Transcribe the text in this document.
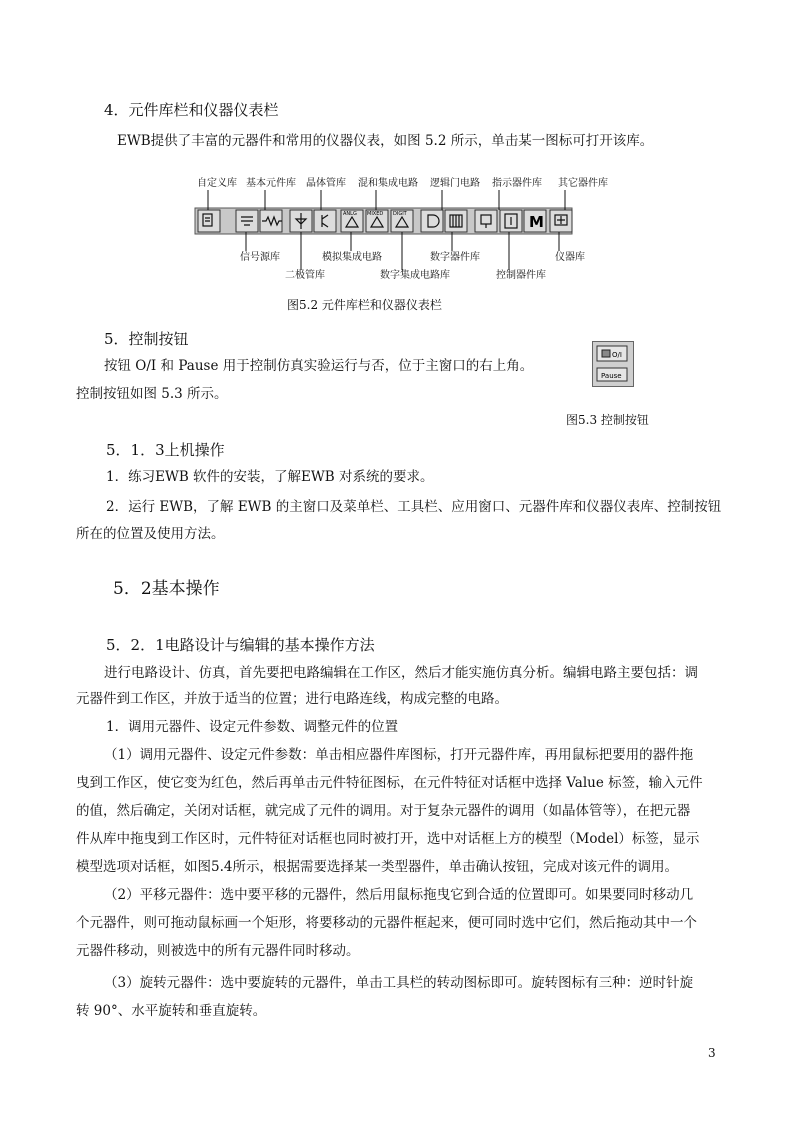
4．元件库栏和仪器仪表栏
EWB提供了丰富的元器件和常用的仪器仪表，如图 5.2 所示，单击某一图标可打开该库。
自定义库 基本元件库 晶体管库 混和集成电路 逻辑门电路 指示器件库 其它器件库
ANLG MIXED DIGIT	M
信号源库
二极管库
模拟集成电路
数字集成电路库
数字器件库
控制器件库
仪器库
图5.2 元件库栏和仪器仪表栏
5．控制按钮
按钮 O/I 和 Pause 用于控制仿真实验运行与否，位于主窗口的右上角。
控制按钮如图 5.3 所示。
O/I
Pause
图5.3 控制按钮
5．1．3上机操作
1．练习EWB 软件的安装，了解EWB 对系统的要求。
2．运行 EWB，了解 EWB 的主窗口及菜单栏、工具栏、应用窗口、元器件库和仪器仪表库、控制按钮
所在的位置及使用方法。
5．2基本操作
5．2．1电路设计与编辑的基本操作方法
进行电路设计、仿真，首先要把电路编辑在工作区，然后才能实施仿真分析。编辑电路主要包括：调
元器件到工作区，并放于适当的位置；进行电路连线，构成完整的电路。
1．调用元器件、设定元件参数、调整元件的位置
（1）调用元器件、设定元件参数：单击相应器件库图标，打开元器件库，再用鼠标把要用的器件拖
曳到工作区，使它变为红色，然后再单击元件特征图标，在元件特征对话框中选择 Value 标签，输入元件
的值，然后确定，关闭对话框，就完成了元件的调用。对于复杂元器件的调用（如晶体管等），在把元器
件从库中拖曳到工作区时，元件特征对话框也同时被打开，选中对话框上方的模型（Model）标签，显示
模型选项对话框，如图5.4所示，根据需要选择某一类型器件，单击确认按钮，完成对该元件的调用。
（2）平移元器件：选中要平移的元器件，然后用鼠标拖曳它到合适的位置即可。如果要同时移动几
个元器件，则可拖动鼠标画一个矩形，将要移动的元器件框起来，便可同时选中它们，然后拖动其中一个
元器件移动，则被选中的所有元器件同时移动。
（3）旋转元器件：选中要旋转的元器件，单击工具栏的转动图标即可。旋转图标有三种：逆时针旋
转 90°、水平旋转和垂直旋转。
3
